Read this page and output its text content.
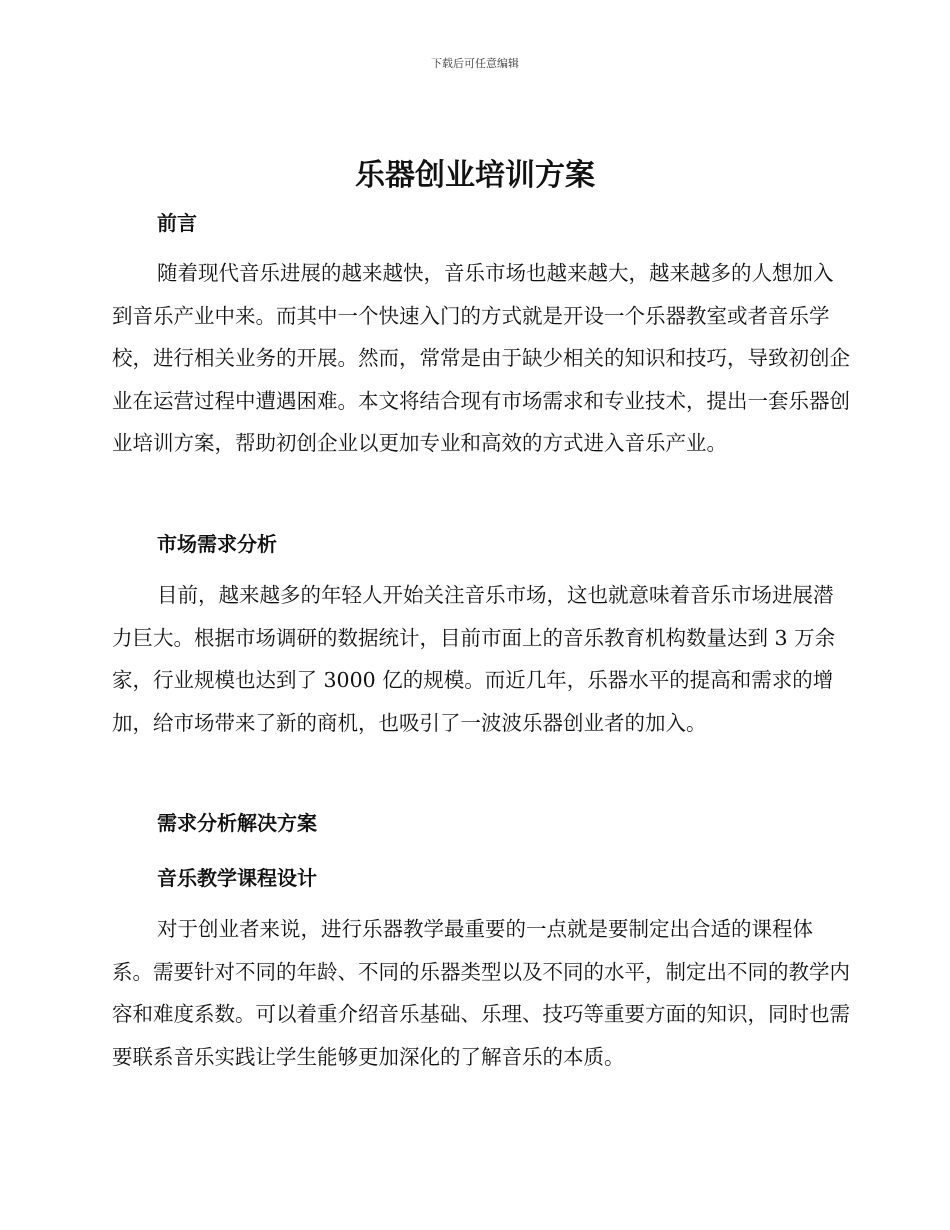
下载后可任意编辑
乐器创业培训方案
前言

随着现代音乐进展的越来越快，音乐市场也越来越大，越来越多的人想加入到音乐产业中来。而其中一个快速入门的方式就是开设一个乐器教室或者音乐学校，进行相关业务的开展。然而，常常是由于缺少相关的知识和技巧，导致初创企业在运营过程中遭遇困难。本文将结合现有市场需求和专业技术，提出一套乐器创业培训方案，帮助初创企业以更加专业和高效的方式进入音乐产业。

市场需求分析

目前，越来越多的年轻人开始关注音乐市场，这也就意味着音乐市场进展潜力巨大。根据市场调研的数据统计，目前市面上的音乐教育机构数量达到 3 万余家，行业规模也达到了 3000 亿的规模。而近几年，乐器水平的提高和需求的增加，给市场带来了新的商机，也吸引了一波波乐器创业者的加入。

需求分析解决方案
音乐教学课程设计

对于创业者来说，进行乐器教学最重要的一点就是要制定出合适的课程体系。需要针对不同的年龄、不同的乐器类型以及不同的水平，制定出不同的教学内容和难度系数。可以着重介绍音乐基础、乐理、技巧等重要方面的知识，同时也需要联系音乐实践让学生能够更加深化的了解音乐的本质。
